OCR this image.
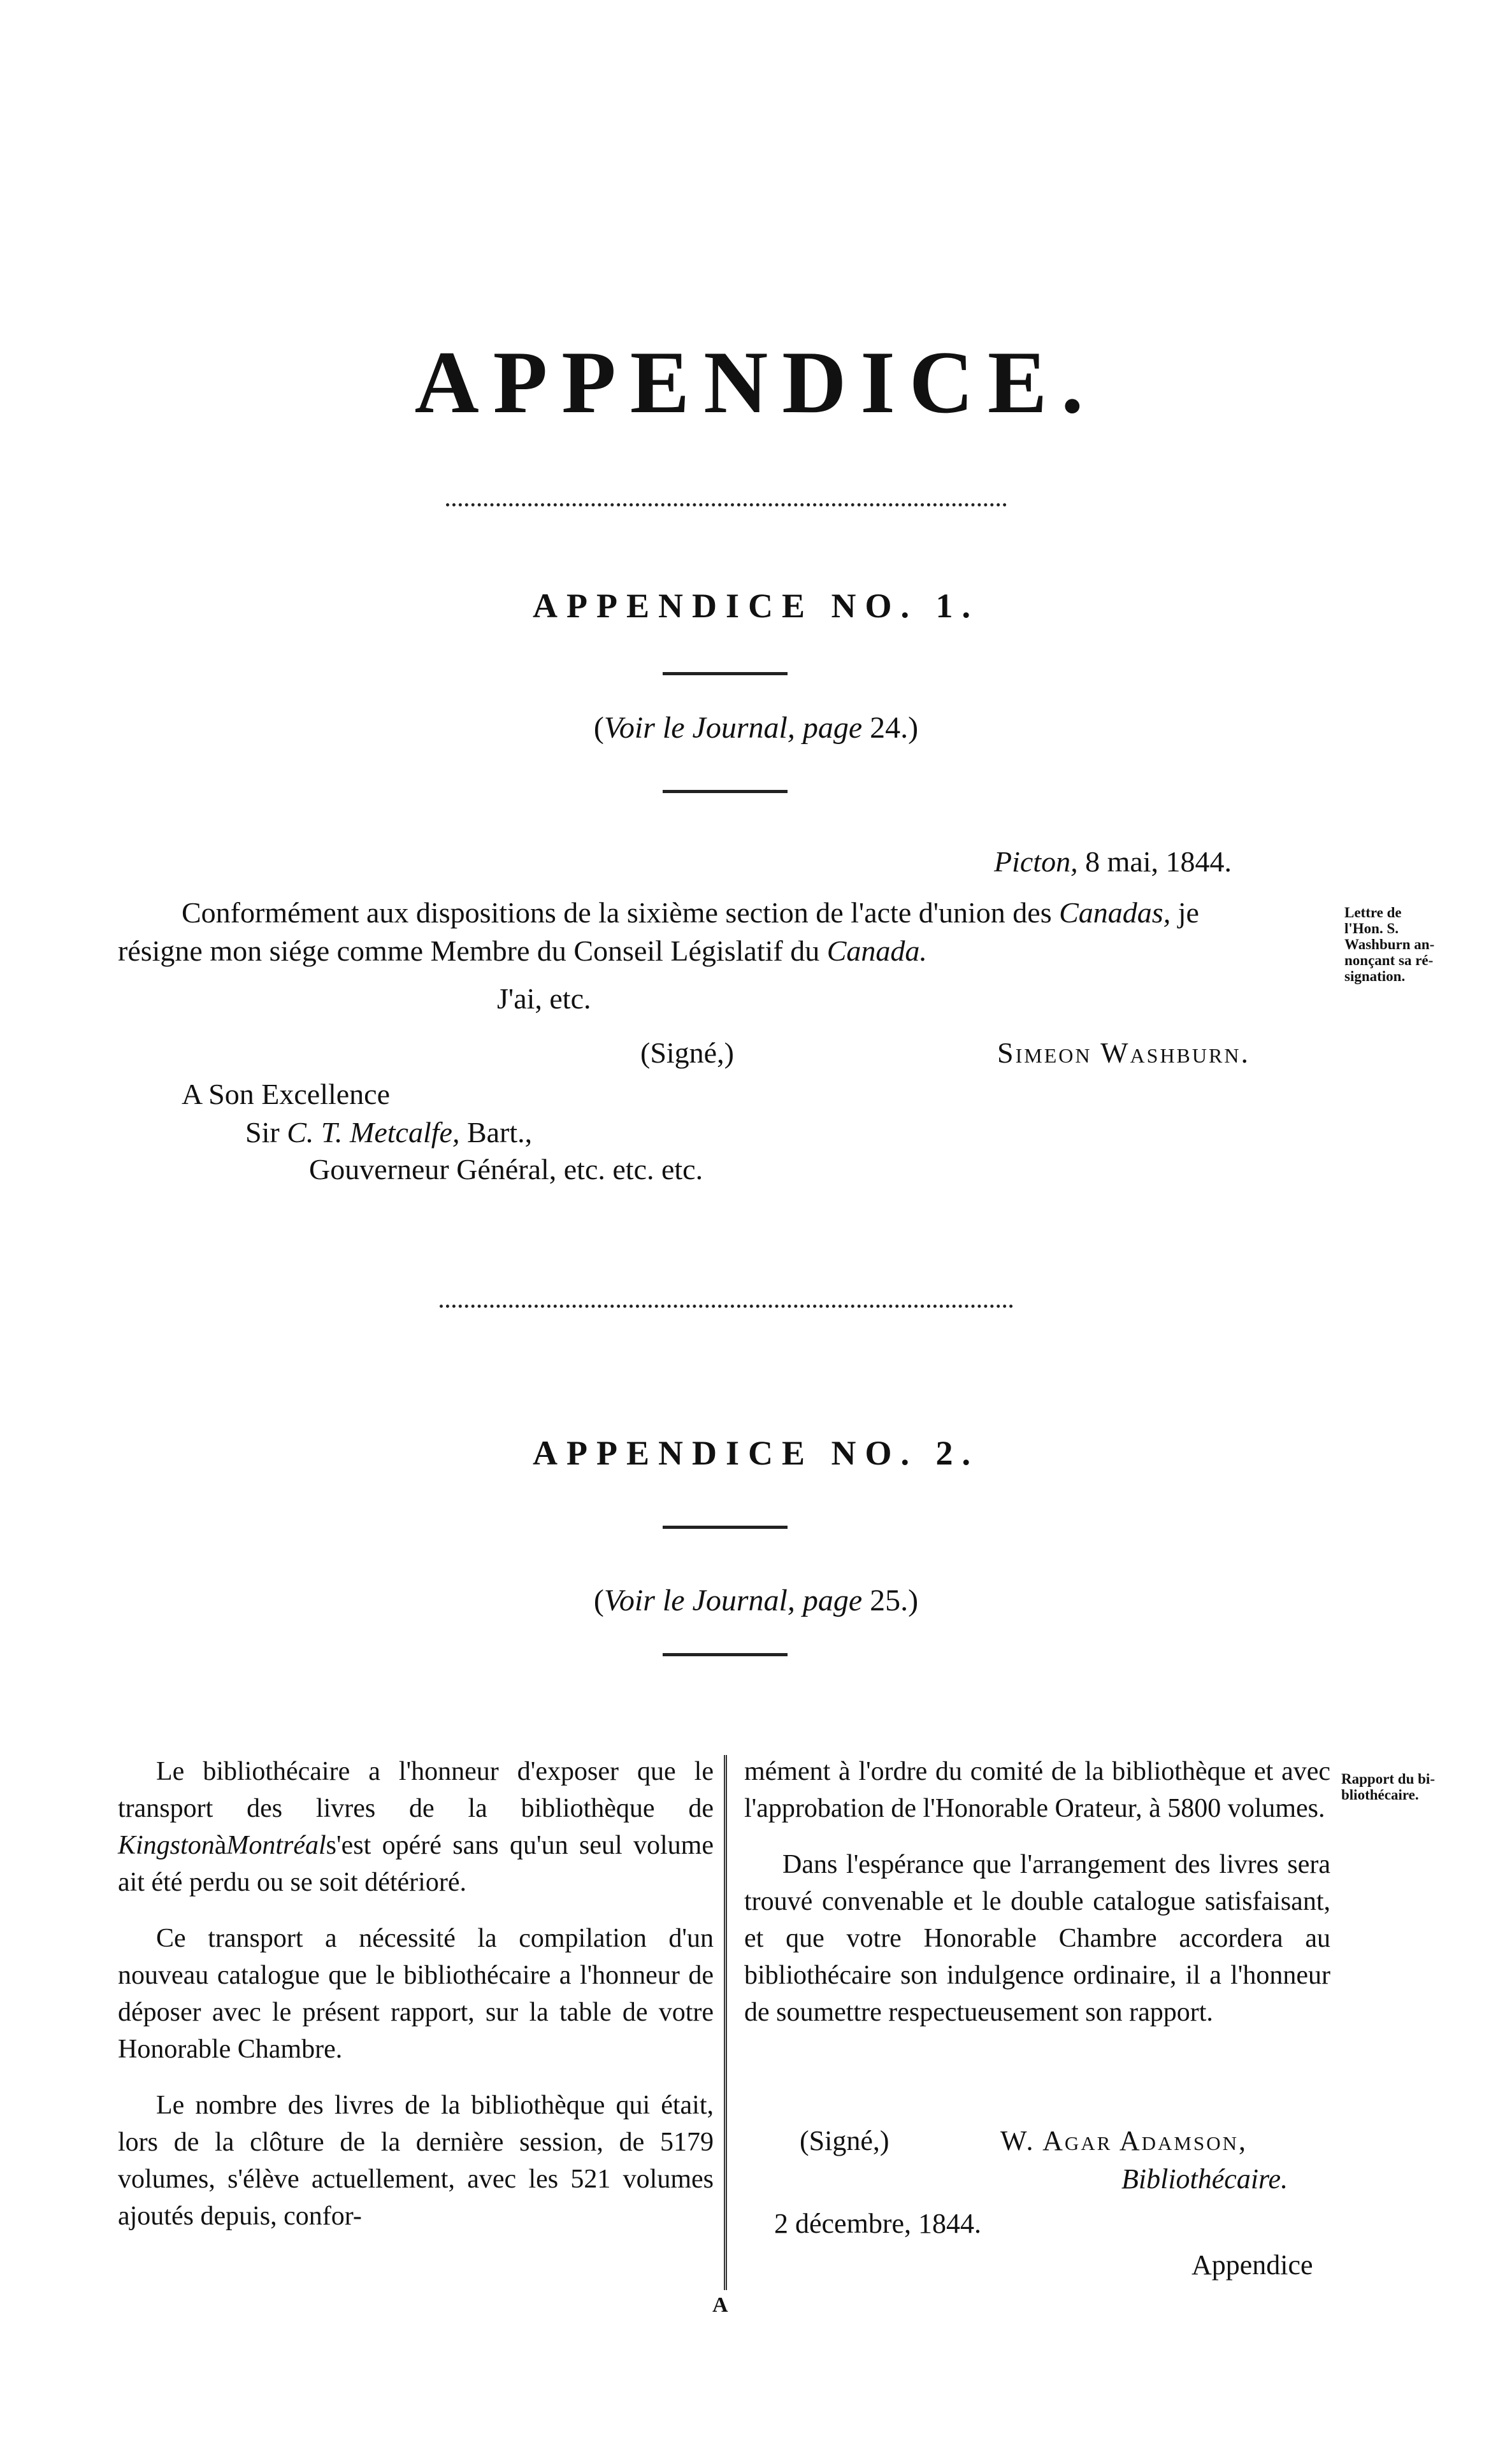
APPENDICE.
APPENDICE NO. 1.
(Voir le Journal, page 24.)
Picton, 8 mai, 1844.
Conformément aux dispositions de la sixième section de l'acte d'union des Canadas, je
résigne mon siége comme Membre du Conseil Législatif du Canada.
J'ai, etc.
(Signé,)	Simeon Washburn.
A Son Excellence
Sir C. T. Metcalfe, Bart.,
Gouverneur Général, etc. etc. etc.
Lettre de
l'Hon. S.
Washburn an-
nonçant sa ré-
signation.
APPENDICE NO. 2.
(Voir le Journal, page 25.)

Le bibliothécaire a l'honneur d'exposer que le transport des livres de la bibliothèque de KingstonàMontréals'est opéré sans qu'un seul volume ait été perdu ou se soit détérioré.

Ce transport a nécessité la compilation d'un nouveau catalogue que le bibliothécaire a l'honneur de déposer avec le présent rapport, sur la table de votre Honorable Chambre.

Le nombre des livres de la bibliothèque qui était, lors de la clôture de la dernière session, de 5179 volumes, s'élève actuellement, avec les 521 volumes ajoutés depuis, confor-

mément à l'ordre du comité de la bibliothèque et avec l'approbation de l'Honorable Orateur, à 5800 volumes.

Dans l'espérance que l'arrangement des livres sera trouvé convenable et le double catalogue satisfaisant, et que votre Honorable Chambre accordera au bibliothécaire son indulgence ordinaire, il a l'honneur de soumettre respectueusement son rapport.

(Signé,)	W. Agar Adamson,
Bibliothécaire.
2 décembre, 1844.
Appendice
Rapport du bi-
bliothécaire.
A
